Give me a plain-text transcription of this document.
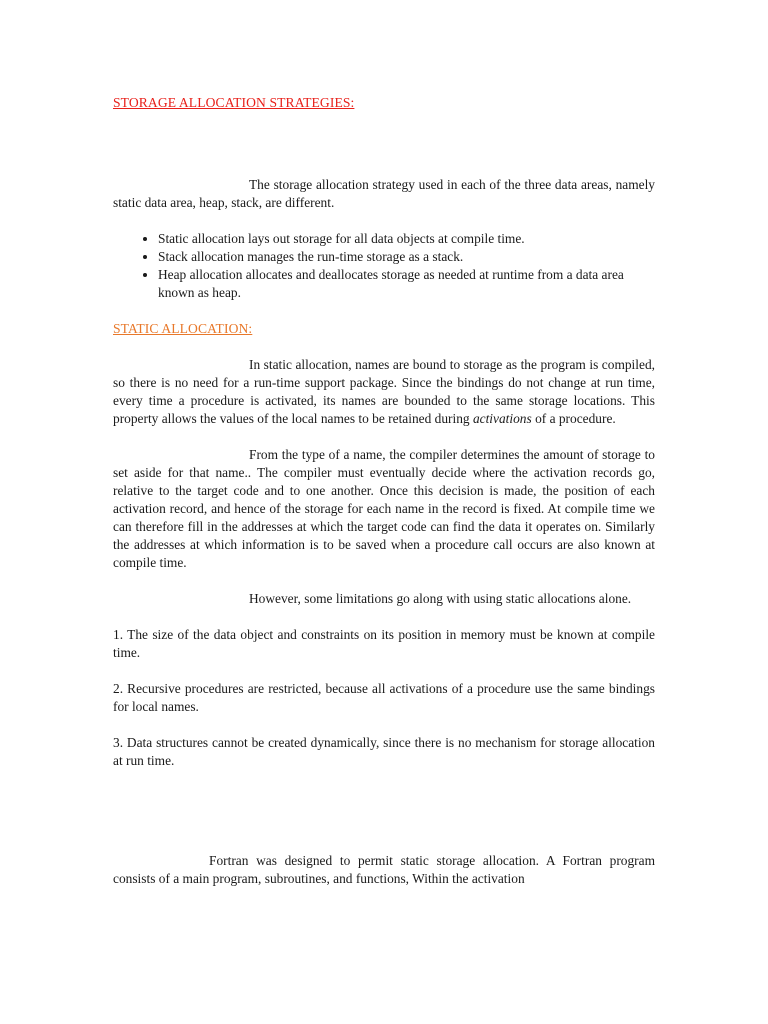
STORAGE ALLOCATION STRATEGIES:

The storage allocation strategy used in each of the three data areas, namely static data area, heap, stack, are different.

• Static allocation lays out storage for all data objects at compile time.
• Stack allocation manages the run-time storage as a stack.
• Heap allocation allocates and deallocates storage as needed at runtime from a data area known as heap.
STATIC ALLOCATION:

In static allocation, names are bound to storage as the program is compiled, so there is no need for a run-time support package. Since the bindings do not change at run time, every time a procedure is activated, its names are bounded to the same storage locations. This property allows the values of the local names to be retained during activations of a procedure.

From the type of a name, the compiler determines the amount of storage to set aside for that name.. The compiler must eventually decide where the activation records go, relative to the target code and to one another. Once this decision is made, the position of each activation record, and hence of the storage for each name in the record is fixed. At compile time we can therefore fill in the addresses at which the target code can find the data it operates on. Similarly the addresses at which information is to be saved when a procedure call occurs are also known at compile time.

However, some limitations go along with using static allocations alone.

1. The size of the data object and constraints on its position in memory must be known at compile time.

2. Recursive procedures are restricted, because all activations of a procedure use the same bindings for local names.

3. Data structures cannot be created dynamically, since there is no mechanism for storage allocation at run time.

Fortran was designed to permit static storage allocation. A Fortran program consists of a main program, subroutines, and functions, Within the activation
